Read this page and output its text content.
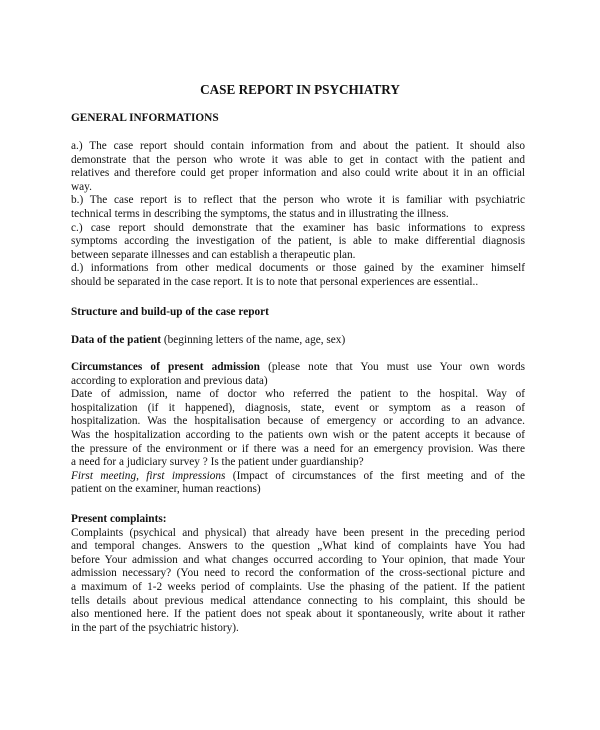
CASE REPORT IN PSYCHIATRY
GENERAL INFORMATIONS
a.) The case report should contain information from and about the patient. It should also
demonstrate that the person who wrote it was able to get in contact with the patient and
relatives and therefore could get proper information and also could write about it in an official
way.
b.) The case report is to reflect that the person who wrote it is familiar with psychiatric
technical terms in describing the symptoms, the status and in illustrating the illness.
c.) case report should demonstrate that the examiner has basic informations to express
symptoms according the investigation of the patient, is able to make differential diagnosis
between separate illnesses and can establish a therapeutic plan.
d.) informations from other medical documents or those gained by the examiner himself
should be separated in the case report. It is to note that personal experiences are essential..
Structure and build-up of the case report
Data of the patient (beginning letters of the name, age, sex)
Circumstances of present admission (please note that You must use Your own words
according to exploration and previous data)
Date of admission, name of doctor who referred the patient to the hospital. Way of
hospitalization (if it happened), diagnosis, state, event or symptom as a reason of
hospitalization. Was the hospitalisation because of emergency or according to an advance.
Was the hospitalization according to the patients own wish or the patent accepts it because of
the pressure of the environment or if there was a need for an emergency provision. Was there
a need for a judiciary survey ? Is the patient under guardianship?
First meeting, first impressions (Impact of circumstances of the first meeting and of the
patient on the examiner, human reactions)
Present complaints:
Complaints (psychical and physical) that already have been present in the preceding period
and temporal changes. Answers to the question „What kind of complaints have You had
before Your admission and what changes occurred according to Your opinion, that made Your
admission necessary? (You need to record the conformation of the cross-sectional picture and
a maximum of 1-2 weeks period of complaints. Use the phasing of the patient. If the patient
tells details about previous medical attendance connecting to his complaint, this should be
also mentioned here. If the patient does not speak about it spontaneously, write about it rather
in the part of the psychiatric history).
